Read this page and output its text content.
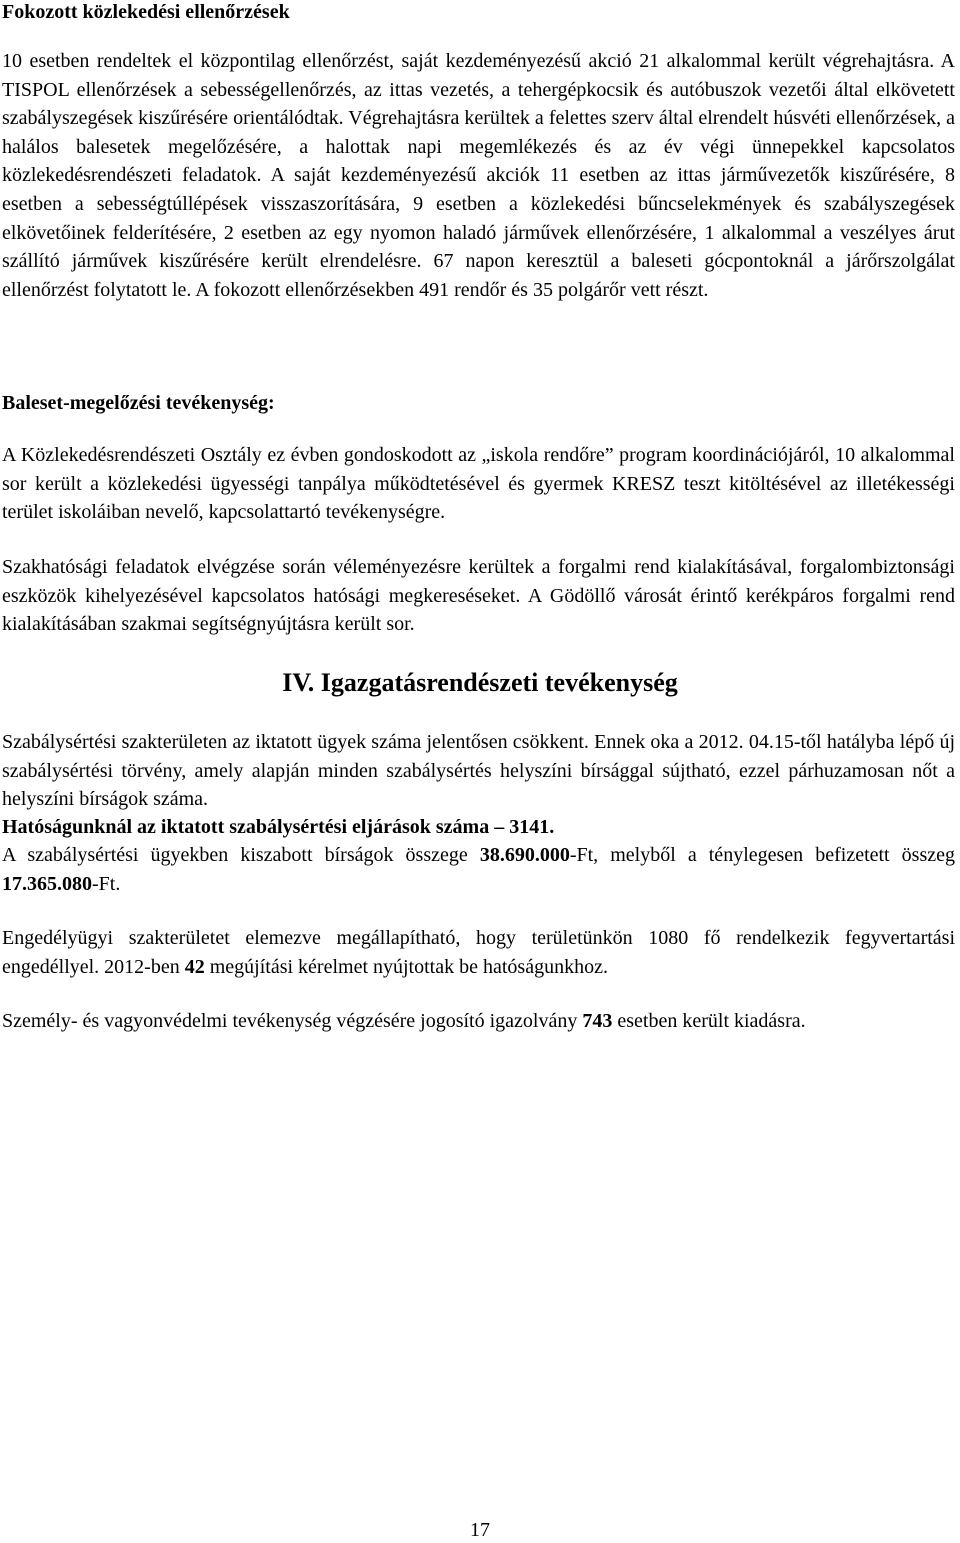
Fokozott közlekedési ellenőrzések

10 esetben rendeltek el központilag ellenőrzést, saját kezdeményezésű akció 21 alkalommal került végrehajtásra. A TISPOL ellenőrzések a sebességellenőrzés, az ittas vezetés, a tehergépkocsik és autóbuszok vezetői által elkövetett szabályszegések kiszűrésére orientálódtak. Végrehajtásra kerültek a felettes szerv által elrendelt húsvéti ellenőrzések, a halálos balesetek megelőzésére, a halottak napi megemlékezés és az év végi ünnepekkel kapcsolatos közlekedésrendészeti feladatok. A saját kezdeményezésű akciók 11 esetben az ittas járművezetők kiszűrésére, 8 esetben a sebességtúllépések visszaszorítására, 9 esetben a közlekedési bűncselekmények és szabályszegések elkövetőinek felderítésére, 2 esetben az egy nyomon haladó járművek ellenőrzésére, 1 alkalommal a veszélyes árut szállító járművek kiszűrésére került elrendelésre. 67 napon keresztül a baleseti gócpontoknál a járőrszolgálat ellenőrzést folytatott le. A fokozott ellenőrzésekben 491 rendőr és 35 polgárőr vett részt.

Baleset-megelőzési tevékenység:

A Közlekedésrendészeti Osztály ez évben gondoskodott az „iskola rendőre” program koordinációjáról, 10 alkalommal sor került a közlekedési ügyességi tanpálya működtetésével és gyermek KRESZ teszt kitöltésével az illetékességi terület iskoláiban nevelő, kapcsolattartó tevékenységre.

Szakhatósági feladatok elvégzése során véleményezésre kerültek a forgalmi rend kialakításával, forgalombiztonsági eszközök kihelyezésével kapcsolatos hatósági megkereséseket. A Gödöllő városát érintő kerékpáros forgalmi rend kialakításában szakmai segítségnyújtásra került sor.

IV. Igazgatásrendészeti tevékenység

Szabálysértési szakterületen az iktatott ügyek száma jelentősen csökkent. Ennek oka a 2012. 04.15-től hatályba lépő új szabálysértési törvény, amely alapján minden szabálysértés helyszíni bírsággal sújtható, ezzel párhuzamosan nőt a helyszíni bírságok száma.

Hatóságunknál az iktatott szabálysértési eljárások száma – 3141.

A szabálysértési ügyekben kiszabott bírságok összege 38.690.000-Ft, melyből a ténylegesen befizetett összeg 17.365.080-Ft.

Engedélyügyi szakterületet elemezve megállapítható, hogy területünkön 1080 fő rendelkezik fegyvertartási engedéllyel. 2012-ben 42 megújítási kérelmet nyújtottak be hatóságunkhoz.

Személy- és vagyonvédelmi tevékenység végzésére jogosító igazolvány 743 esetben került kiadásra.

17
